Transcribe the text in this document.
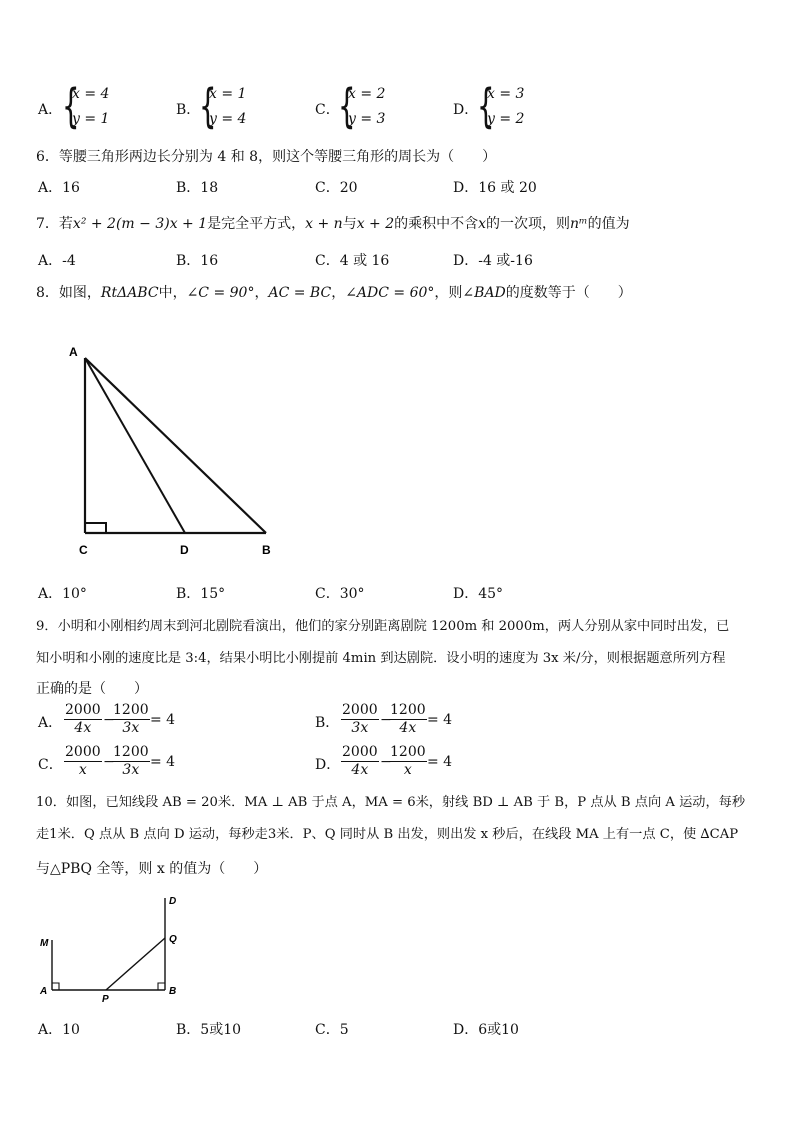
A． {
x = 4
y = 1
B．
{
x = 1
y = 4
C．
{
x = 2
y = 3
D．
{
x = 3
y = 2
6．等腰三角形两边长分别为 4 和 8，则这个等腰三角形的周长为（　　）
A．16	B．18	C．20	D．16 或 20
7．若x² + 2(m − 3)x + 1是完全平方式，x + n与x + 2的乘积中不含x的一次项，则nᵐ的值为
A．-4	B．16	C．4 或 16	D．-4 或-16
8．如图，RtΔABC中，∠C = 90°，AC = BC，∠ADC = 60°，则∠BAD的度数等于（　　）
A
C	D	B
A．10°	B．15°	C．30°	D．45°
9．小明和小刚相约周末到河北剧院看演出，他们的家分别距离剧院 1200m 和 2000m，两人分别从家中同时出发，已
知小明和小刚的速度比是 3:4，结果小明比小刚提前 4min 到达剧院．设小明的速度为 3x 米/分，则根据题意所列方程
正确的是（　　）
A． $\frac{2000}{4x}$ −
$\frac{1200}{3x} = 4$	B． $\frac{2000}{3x}$ −
$\frac{1200}{4x} = 4$
C． $\frac{2000}{x}$ −
$\frac{1200}{3x} = 4$	D． $\frac{2000}{4x}$ −
$\frac{1200}{x} = 4$
10．如图，已知线段 AB = 20米．MA ⊥ AB 于点 A，MA = 6米，射线 BD ⊥ AB 于 B，P 点从 B 点向 A 运动，每秒
走1米．Q 点从 B 点向 D 运动，每秒走3米．P、Q 同时从 B 出发，则出发 x 秒后，在线段 MA 上有一点 C，使 ∆CAP
与△PBQ 全等，则 x 的值为（　　）
M
A
P
B
Q
D
A．10	B．5或10	C．5	D．6或10
